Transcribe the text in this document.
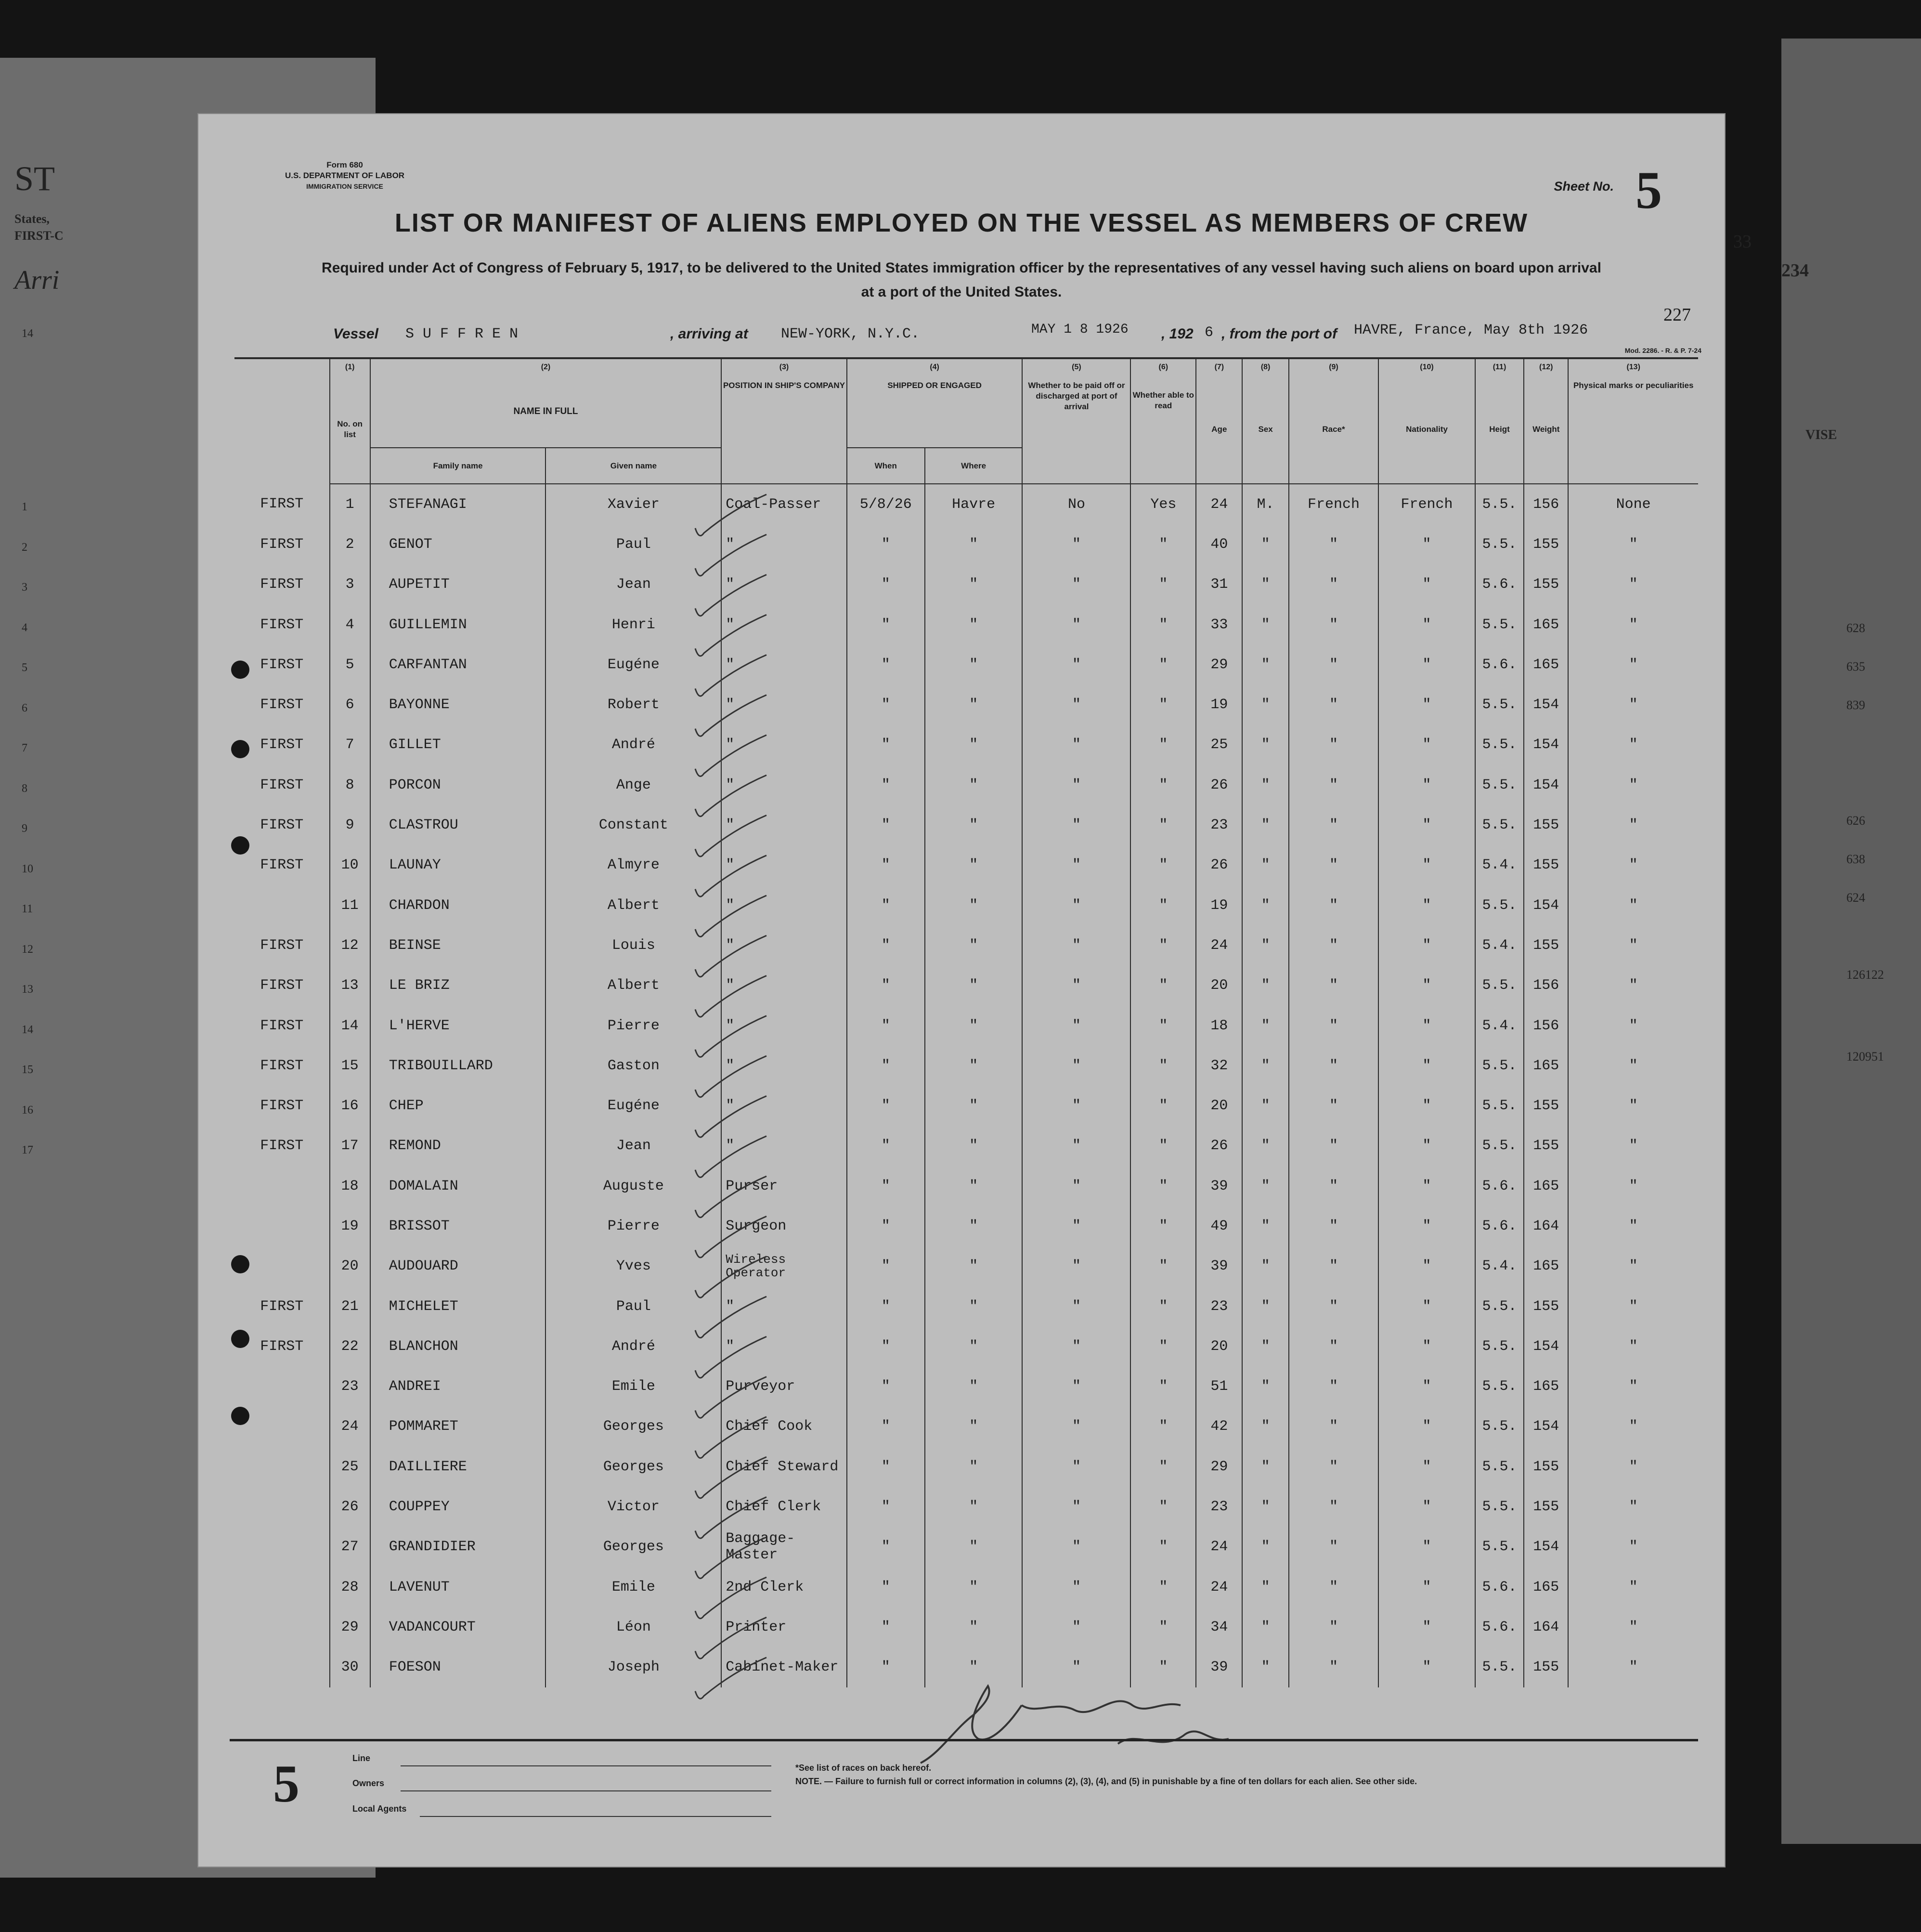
ST
States,
FIRST-C
Arri
14
1
2
3
4
5
6
7
8
9
10
11
12
13
14
15
16
17
33
234
VISE
628
635
839
626
638
624
126122
120951
Form 680
U.S. DEPARTMENT OF LABOR
IMMIGRATION SERVICE	Sheet No. 5
LIST OR MANIFEST OF ALIENS EMPLOYED ON THE VESSEL AS MEMBERS OF CREW
Required under Act of Congress of February 5, 1917, to be delivered to the United States immigration officer by the representatives of any vessel having such aliens on board upon arrival at a port of the United States.
227
Vessel S U F F R E N	, arriving at NEW-YORK, N.Y.C.	MAY 1 8 1926 , 192 6 , from the port of HAVRE, France, May 8th 1926
Mod. 2286. - R. & P. 7-24
	(1)	(2)		(3)	(4)		(5)	(6)	(7)	(8)	(9)	(10)	(11)	(12)	(13)
	No. on list	NAME IN FULL		POSITION IN SHIP'S COMPANY	SHIPPED OR ENGAGED		Whether to be paid off or discharged at port of arrival	Whether able to read	Age	Sex	Race*	Nationality	Heigt	Weight	Physical marks or peculiarities
		Family name	Given name		When	Where									
FIRST	1	STEFANAGI	Xavier	Coal-Passer	5/8/26	Havre	No	Yes	24	M.	French	French	5.5.	156	None
FIRST	2	GENOT	Paul	"	"	"	"	"	40	"	"	"	5.5.	155	"
FIRST	3	AUPETIT	Jean	"	"	"	"	"	31	"	"	"	5.6.	155	"
FIRST	4	GUILLEMIN	Henri	"	"	"	"	"	33	"	"	"	5.5.	165	"
FIRST	5	CARFANTAN	Eugéne	"	"	"	"	"	29	"	"	"	5.6.	165	"
FIRST	6	BAYONNE	Robert	"	"	"	"	"	19	"	"	"	5.5.	154	"
FIRST	7	GILLET	André	"	"	"	"	"	25	"	"	"	5.5.	154	"
FIRST	8	PORCON	Ange	"	"	"	"	"	26	"	"	"	5.5.	154	"
FIRST	9	CLASTROU	Constant	"	"	"	"	"	23	"	"	"	5.5.	155	"
FIRST	10	LAUNAY	Almyre	"	"	"	"	"	26	"	"	"	5.4.	155	"
	11	CHARDON	Albert	"	"	"	"	"	19	"	"	"	5.5.	154	"
FIRST	12	BEINSE	Louis	"	"	"	"	"	24	"	"	"	5.4.	155	"
FIRST	13	LE BRIZ	Albert	"	"	"	"	"	20	"	"	"	5.5.	156	"
FIRST	14	L'HERVE	Pierre	"	"	"	"	"	18	"	"	"	5.4.	156	"
FIRST	15	TRIBOUILLARD	Gaston	"	"	"	"	"	32	"	"	"	5.5.	165	"
FIRST	16	CHEP	Eugéne	"	"	"	"	"	20	"	"	"	5.5.	155	"
FIRST	17	REMOND	Jean	"	"	"	"	"	26	"	"	"	5.5.	155	"
	18	DOMALAIN	Auguste	Purser	"	"	"	"	39	"	"	"	5.6.	165	"
	19	BRISSOT	Pierre	Surgeon	"	"	"	"	49	"	"	"	5.6.	164	"
	20	AUDOUARD	Yves	Wireless Operator	"	"	"	"	39	"	"	"	5.4.	165	"
FIRST	21	MICHELET	Paul	"	"	"	"	"	23	"	"	"	5.5.	155	"
FIRST	22	BLANCHON	André	"	"	"	"	"	20	"	"	"	5.5.	154	"
	23	ANDREI	Emile	Purveyor	"	"	"	"	51	"	"	"	5.5.	165	"
	24	POMMARET	Georges	Chief Cook	"	"	"	"	42	"	"	"	5.5.	154	"
	25	DAILLIERE	Georges	Chief Steward	"	"	"	"	29	"	"	"	5.5.	155	"
	26	COUPPEY	Victor	Chief Clerk	"	"	"	"	23	"	"	"	5.5.	155	"
	27	GRANDIDIER	Georges	Baggage-Master	"	"	"	"	24	"	"	"	5.5.	154	"
	28	LAVENUT	Emile	2nd Clerk	"	"	"	"	24	"	"	"	5.6.	165	"
	29	VADANCOURT	Léon	Printer	"	"	"	"	34	"	"	"	5.6.	164	"
	30	FOESON	Joseph	Cabinet-Maker	"	"	"	"	39	"	"	"	5.5.	155	"
5	Line
Owners
Local Agents
*See list of races on back hereof.
NOTE. — Failure to furnish full or correct information in columns (2), (3), (4), and (5) in punishable by a fine of ten dollars for each alien. See other side.
